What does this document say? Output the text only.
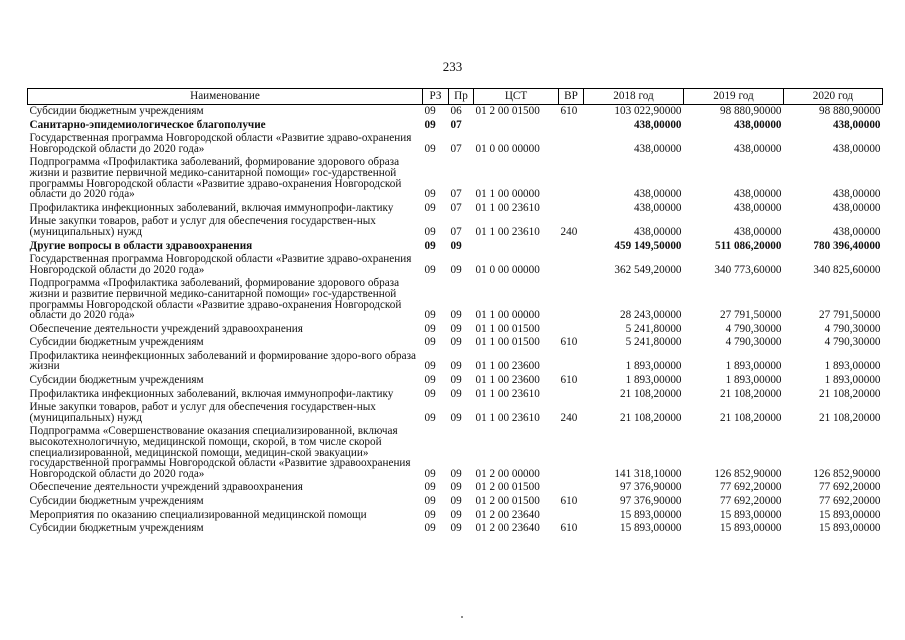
233
Наименование	РЗ	Пр	ЦСТ	ВР	2018 год	2019 год	2020 год
Субсидии бюджетным учреждениям	09	06	01 2 00 01500	610	103 022,90000	98 880,90000	98 880,90000
Санитарно-эпидемиологическое благополучие	09	07			438,00000	438,00000	438,00000
Государственная программа Новгородской области «Развитие здраво-охранения Новгородской области до 2020 года»	09	07	01 0 00 00000		438,00000	438,00000	438,00000
Подпрограмма «Профилактика заболеваний, формирование здорового образа жизни и развитие первичной медико-санитарной помощи» гос-ударственной программы Новгородской области «Развитие здраво-охранения Новгородской области до 2020 года»	09	07	01 1 00 00000		438,00000	438,00000	438,00000
Профилактика инфекционных заболеваний, включая иммунопрофи-лактику	09	07	01 1 00 23610		438,00000	438,00000	438,00000
Иные закупки товаров, работ и услуг для обеспечения государствен-ных (муниципальных) нужд	09	07	01 1 00 23610	240	438,00000	438,00000	438,00000
Другие вопросы в области здравоохранения	09	09			459 149,50000	511 086,20000	780 396,40000
Государственная программа Новгородской области «Развитие здраво-охранения Новгородской области до 2020 года»	09	09	01 0 00 00000		362 549,20000	340 773,60000	340 825,60000
Подпрограмма «Профилактика заболеваний, формирование здорового образа жизни и развитие первичной медико-санитарной помощи» гос-ударственной программы Новгородской области «Развитие здраво-охранения Новгородской области до 2020 года»	09	09	01 1 00 00000		28 243,00000	27 791,50000	27 791,50000
Обеспечение деятельности учреждений здравоохранения	09	09	01 1 00 01500		5 241,80000	4 790,30000	4 790,30000
Субсидии бюджетным учреждениям	09	09	01 1 00 01500	610	5 241,80000	4 790,30000	4 790,30000
Профилактика неинфекционных заболеваний и формирование здоро-вого образа жизни	09	09	01 1 00 23600		1 893,00000	1 893,00000	1 893,00000
Субсидии бюджетным учреждениям	09	09	01 1 00 23600	610	1 893,00000	1 893,00000	1 893,00000
Профилактика инфекционных заболеваний, включая иммунопрофи-лактику	09	09	01 1 00 23610		21 108,20000	21 108,20000	21 108,20000
Иные закупки товаров, работ и услуг для обеспечения государствен-ных (муниципальных) нужд	09	09	01 1 00 23610	240	21 108,20000	21 108,20000	21 108,20000
Подпрограмма «Совершенствование оказания специализированной, включая высокотехнологичную, медицинской помощи, скорой, в том числе скорой специализированной, медицинской помощи, медицин-ской эвакуации» государственной программы Новгородской области «Развитие здравоохранения Новгородской области до 2020 года»	09	09	01 2 00 00000		141 318,10000	126 852,90000	126 852,90000
Обеспечение деятельности учреждений здравоохранения	09	09	01 2 00 01500		97 376,90000	77 692,20000	77 692,20000
Субсидии бюджетным учреждениям	09	09	01 2 00 01500	610	97 376,90000	77 692,20000	77 692,20000
Мероприятия по оказанию специализированной медицинской помощи	09	09	01 2 00 23640		15 893,00000	15 893,00000	15 893,00000
Субсидии бюджетным учреждениям	09	09	01 2 00 23640	610	15 893,00000	15 893,00000	15 893,00000
